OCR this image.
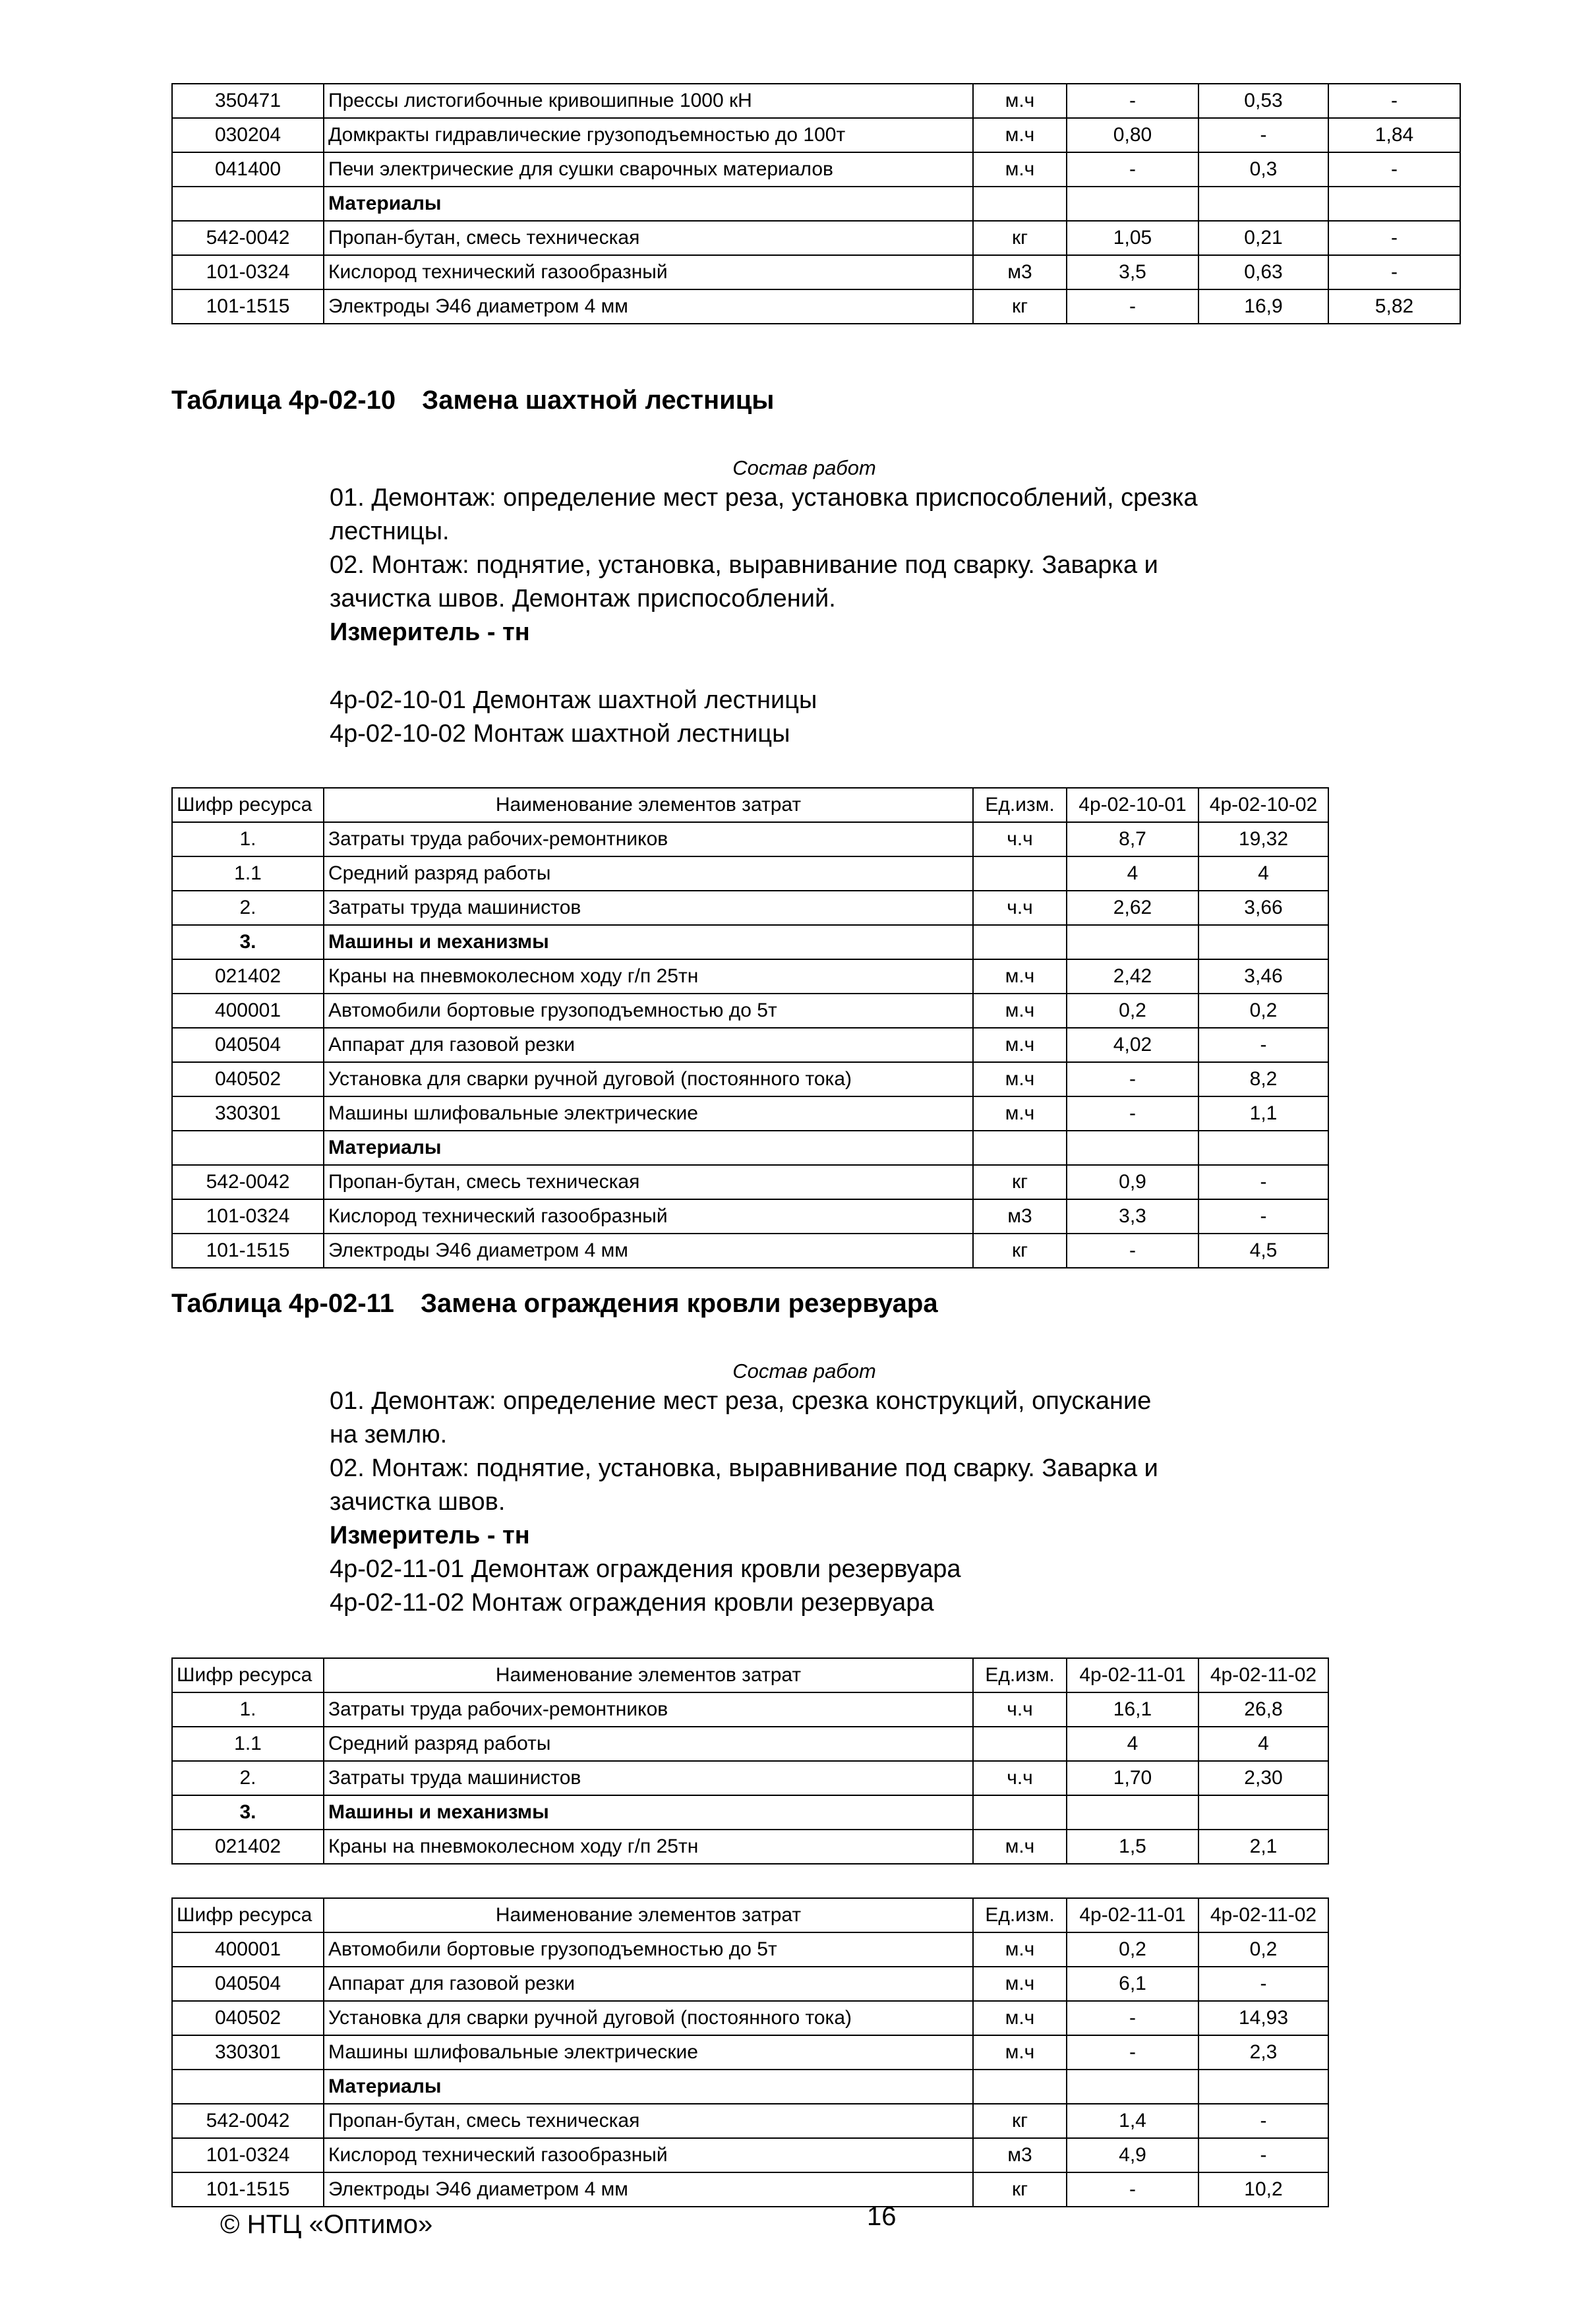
350471	Прессы листогибочные кривошипные 1000 кН	м.ч	-	0,53	-
030204	Домкракты гидравлические грузоподъемностью до 100т	м.ч	0,80	-	1,84
041400	Печи электрические для сушки сварочных материалов	м.ч	-	0,3	-
	Материалы				
542-0042	Пропан-бутан, смесь техническая	кг	1,05	0,21	-
101-0324	Кислород технический газообразный	м3	3,5	0,63	-
101-1515	Электроды Э46 диаметром 4 мм	кг	-	16,9	5,82
Таблица 4р-02-10 Замена шахтной лестницы
Состав работ
01. Демонтаж: определение мест реза, установка приспособлений, срезка
лестницы.
02. Монтаж: поднятие, установка, выравнивание под сварку. Заварка и
зачистка швов. Демонтаж приспособлений.
Измеритель - тн
4р-02-10-01 Демонтаж шахтной лестницы
4р-02-10-02 Монтаж шахтной лестницы
Шифр ресурса	Наименование элементов затрат	Ед.изм.	4р-02-10-01	4р-02-10-02
1.	Затраты труда рабочих-ремонтников	ч.ч	8,7	19,32
1.1	Средний разряд работы		4	4
2.	Затраты труда машинистов	ч.ч	2,62	3,66
3.	Машины и механизмы			
021402	Краны на пневмоколесном ходу г/п 25тн	м.ч	2,42	3,46
400001	Автомобили бортовые грузоподъемностью до 5т	м.ч	0,2	0,2
040504	Аппарат для газовой резки	м.ч	4,02	-
040502	Установка для сварки ручной дуговой (постоянного тока)	м.ч	-	8,2
330301	Машины шлифовальные электрические	м.ч	-	1,1
	Материалы			
542-0042	Пропан-бутан, смесь техническая	кг	0,9	-
101-0324	Кислород технический газообразный	м3	3,3	-
101-1515	Электроды Э46 диаметром 4 мм	кг	-	4,5
Таблица 4р-02-11 Замена ограждения кровли резервуара
Состав работ
01. Демонтаж: определение мест реза, срезка конструкций, опускание
на землю.
02. Монтаж: поднятие, установка, выравнивание под сварку. Заварка и
зачистка швов.
Измеритель - тн
4р-02-11-01 Демонтаж ограждения кровли резервуара
4р-02-11-02 Монтаж ограждения кровли резервуара
Шифр ресурса	Наименование элементов затрат	Ед.изм.	4р-02-11-01	4р-02-11-02
1.	Затраты труда рабочих-ремонтников	ч.ч	16,1	26,8
1.1	Средний разряд работы		4	4
2.	Затраты труда машинистов	ч.ч	1,70	2,30
3.	Машины и механизмы			
021402	Краны на пневмоколесном ходу г/п 25тн	м.ч	1,5	2,1
Шифр ресурса	Наименование элементов затрат	Ед.изм.	4р-02-11-01	4р-02-11-02
400001	Автомобили бортовые грузоподъемностью до 5т	м.ч	0,2	0,2
040504	Аппарат для газовой резки	м.ч	6,1	-
040502	Установка для сварки ручной дуговой (постоянного тока)	м.ч	-	14,93
330301	Машины шлифовальные электрические	м.ч	-	2,3
	Материалы			
542-0042	Пропан-бутан, смесь техническая	кг	1,4	-
101-0324	Кислород технический газообразный	м3	4,9	-
101-1515	Электроды Э46 диаметром 4 мм	кг	-	10,2
© НТЦ «Оптимо»	16
